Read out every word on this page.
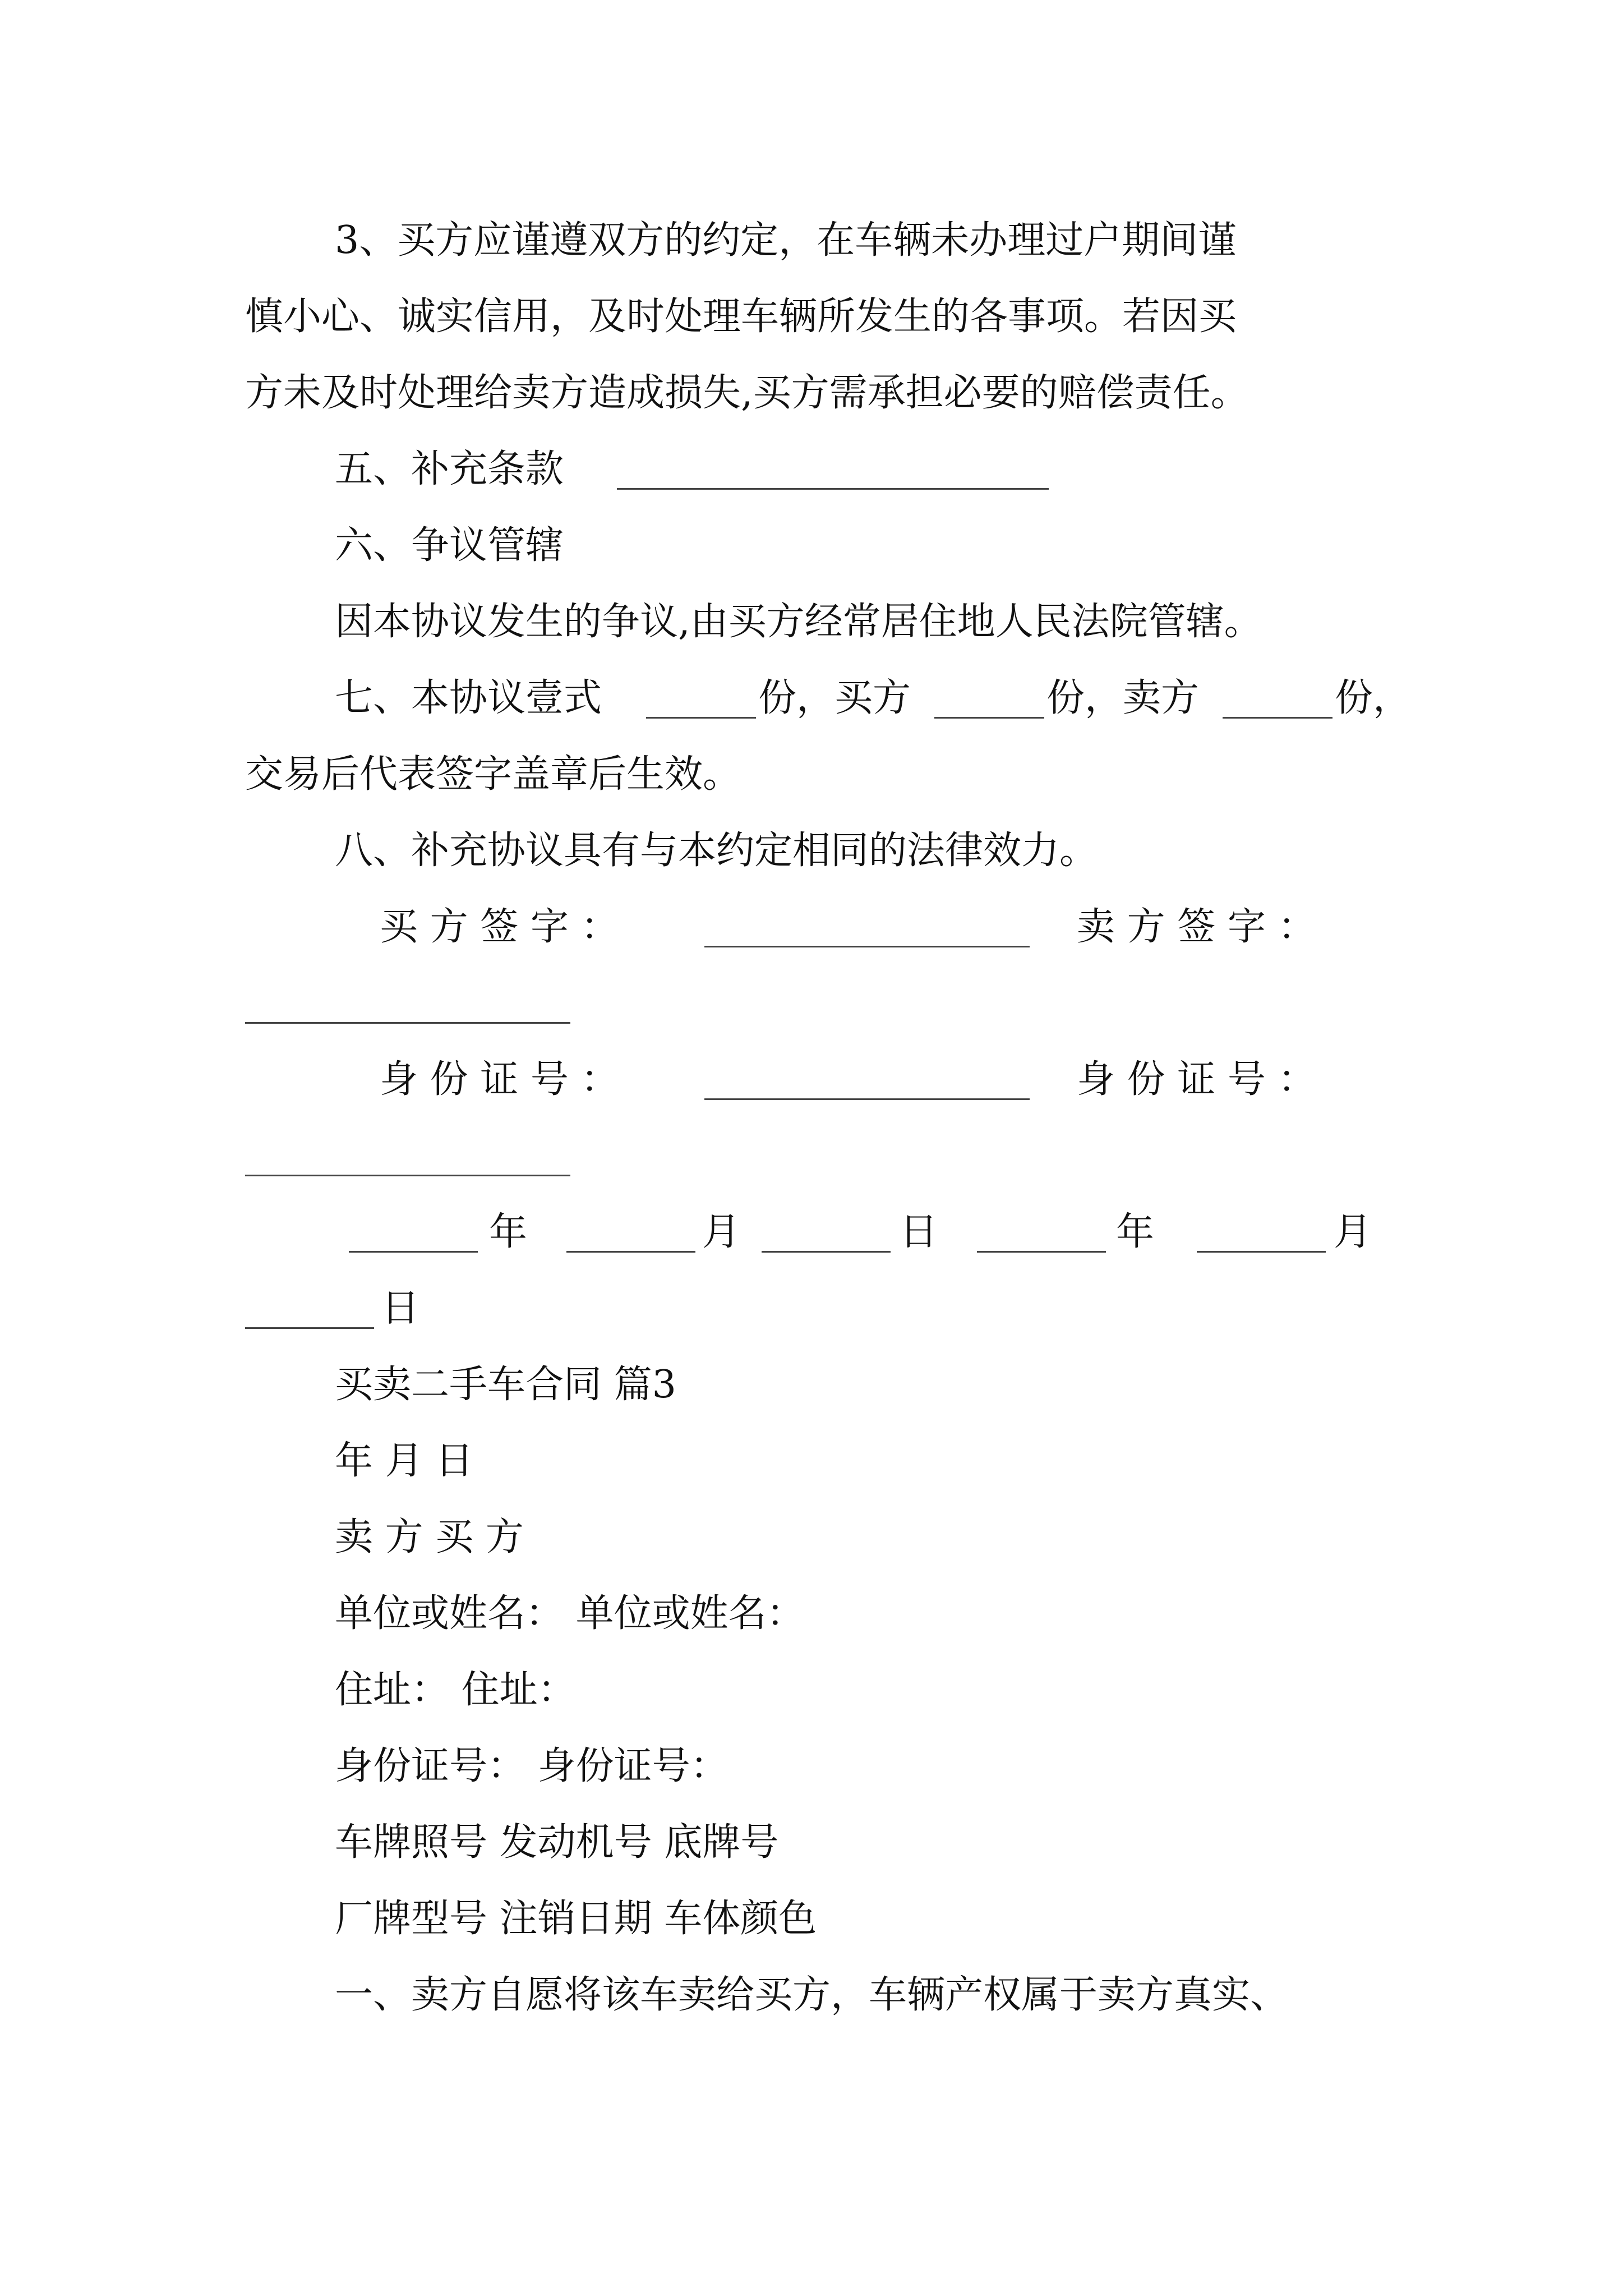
3、买方应谨遵双方的约定，在车辆未办理过户期间谨
慎小心、诚实信用，及时处理车辆所发生的各事项。若因买
方未及时处理给卖方造成损失,买方需承担必要的赔偿责任。
五、补充条款
六、争议管辖
因本协议发生的争议,由买方经常居住地人民法院管辖。
七、本协议壹式	份，买方	份，卖方	份，
交易后代表签字盖章后生效。
八、补充协议具有与本约定相同的法律效力。
买 方 签 字 ：	卖 方 签 字 ：
身 份 证 号 ：	身 份 证 号 ：
年	月	日	年	月
日
买卖二手车合同 篇3
年 月 日
卖 方 买 方
单位或姓名： 单位或姓名：
住址： 住址：
身份证号： 身份证号：
车牌照号 发动机号 底牌号
厂牌型号 注销日期 车体颜色
一、卖方自愿将该车卖给买方，车辆产权属于卖方真实、
